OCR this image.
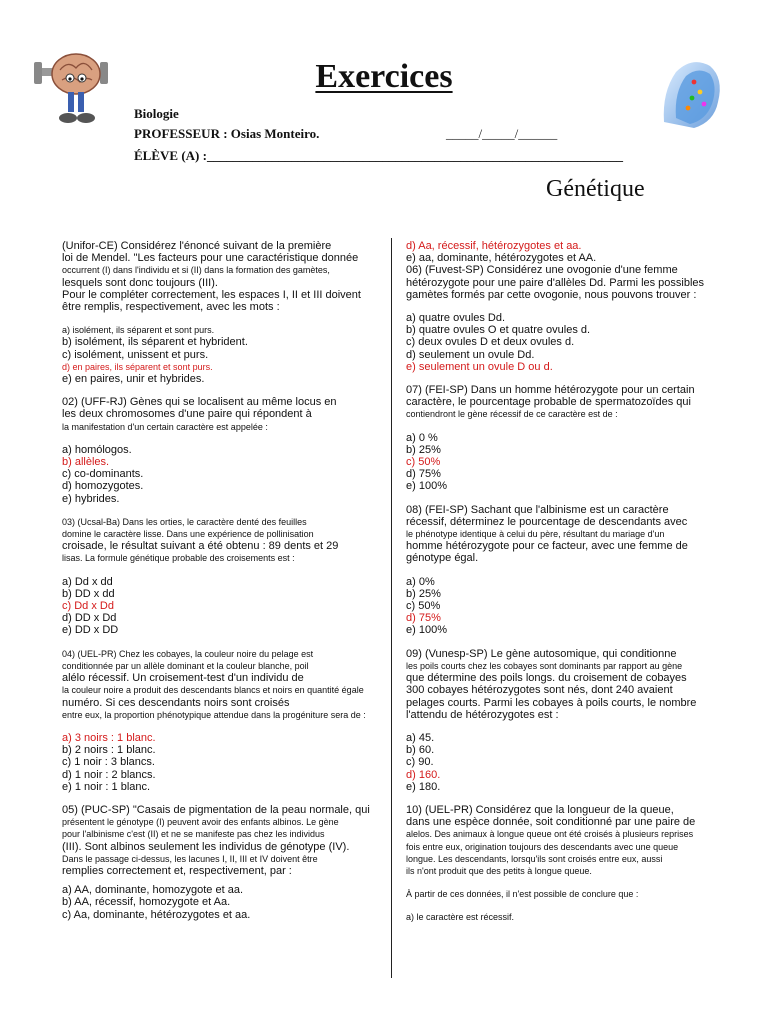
Exercices
Biologie
PROFESSEUR : Osias Monteiro.	_____/_____/______
ÉLÈVE (A) :________________________________________________________________
Génétique

(Unifor-CE) Considérez l'énoncé suivant de la première

loi de Mendel. "Les facteurs pour une caractéristique donnée

occurrent (I) dans l'individu et si (II) dans la formation des gamètes,

lesquels sont donc toujours (III).

Pour le compléter correctement, les espaces I, II et III doivent

être remplis, respectivement, avec les mots :

a) isolément, ils séparent et sont purs.

b) isolément, ils séparent et hybrident.

c) isolément, unissent et purs.

d) en paires, ils séparent et sont purs.

e) en paires, unir et hybrides.

02) (UFF-RJ) Gènes qui se localisent au même locus en

les deux chromosomes d'une paire qui répondent à

la manifestation d'un certain caractère est appelée :

a) homólogos.

b) allèles.

c) co-dominants.

d) homozygotes.

e) hybrides.

03) (Ucsal-Ba) Dans les orties, le caractère denté des feuilles

domine le caractère lisse. Dans une expérience de pollinisation

croisade, le résultat suivant a été obtenu : 89 dents et 29

lisas. La formule génétique probable des croisements est :

a) Dd x dd

b) DD x dd

c) Dd x Dd

d) DD x Dd

e) DD x DD

04) (UEL-PR) Chez les cobayes, la couleur noire du pelage est

conditionnée par un allèle dominant et la couleur blanche, poil

alélo récessif. Un croisement-test d'un individu de

la couleur noire a produit des descendants blancs et noirs en quantité égale

numéro. Si ces descendants noirs sont croisés

entre eux, la proportion phénotypique attendue dans la progéniture sera de :

a) 3 noirs : 1 blanc.

b) 2 noirs : 1 blanc.

c) 1 noir : 3 blancs.

d) 1 noir : 2 blancs.

e) 1 noir : 1 blanc.

05) (PUC-SP) "Casais de pigmentation de la peau normale, qui

présentent le génotype (I) peuvent avoir des enfants albinos. Le gène

pour l'albinisme c'est (II) et ne se manifeste pas chez les individus

(III). Sont albinos seulement les individus de génotype (IV).

Dans le passage ci-dessus, les lacunes I, II, III et IV doivent être

remplies correctement et, respectivement, par :

a) AA, dominante, homozygote et aa.

b) AA, récessif, homozygote et Aa.

c) Aa, dominante, hétérozygotes et aa.

d) Aa, récessif, hétérozygotes et aa.

e) aa, dominante, hétérozygotes et AA.

06) (Fuvest-SP) Considérez une ovogonie d'une femme

hétérozygote pour une paire d'allèles Dd. Parmi les possibles

gamètes formés par cette ovogonie, nous pouvons trouver :

a) quatre ovules Dd.

b) quatre ovules O et quatre ovules d.

c) deux ovules D et deux ovules d.

d) seulement un ovule Dd.

e) seulement un ovule D ou d.

07) (FEI-SP) Dans un homme hétérozygote pour un certain

caractère, le pourcentage probable de spermatozoïdes qui

contiendront le gène récessif de ce caractère est de :

a) 0 %

b) 25%

c) 50%

d) 75%

e) 100%

08) (FEI-SP) Sachant que l'albinisme est un caractère

récessif, déterminez le pourcentage de descendants avec

le phénotype identique à celui du père, résultant du mariage d'un

homme hétérozygote pour ce facteur, avec une femme de

génotype égal.

a) 0%

b) 25%

c) 50%

d) 75%

e) 100%

09) (Vunesp-SP) Le gène autosomique, qui conditionne

les poils courts chez les cobayes sont dominants par rapport au gène

que détermine des poils longs. du croisement de cobayes

300 cobayes hétérozygotes sont nés, dont 240 avaient

pelages courts. Parmi les cobayes à poils courts, le nombre

l'attendu de hétérozygotes est :

a) 45.

b) 60.

c) 90.

d) 160.

e) 180.

10) (UEL-PR) Considérez que la longueur de la queue,

dans une espèce donnée, soit conditionné par une paire de

alelos. Des animaux à longue queue ont été croisés à plusieurs reprises

fois entre eux, origination toujours des descendants avec une queue

longue. Les descendants, lorsqu'ils sont croisés entre eux, aussi

ils n'ont produit que des petits à longue queue.

À partir de ces données, il n'est possible de conclure que :

a) le caractère est récessif.
